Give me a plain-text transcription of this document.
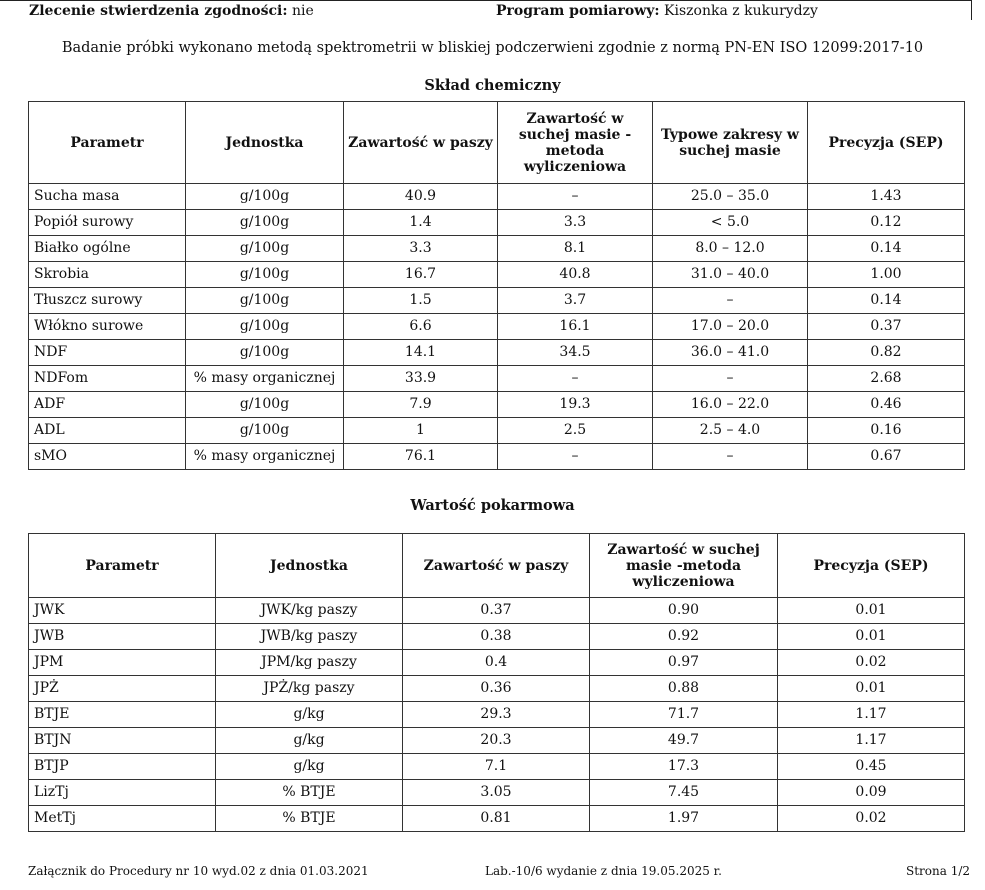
Zlecenie stwierdzenia zgodności: nie	Program pomiarowy: Kiszonka z kukurydzy
Badanie próbki wykonano metodą spektrometrii w bliskiej podczerwieni zgodnie z normą PN-EN ISO 12099:2017-10
Skład chemiczny
Parametr	Jednostka	Zawartość w paszy	Zawartość w suchej masie -metoda wyliczeniowa	Typowe zakresy w suchej masie	Precyzja (SEP)
Sucha masa	g/100g	40.9	–	25.0 – 35.0	1.43
Popiół surowy	g/100g	1.4	3.3	< 5.0	0.12
Białko ogólne	g/100g	3.3	8.1	8.0 – 12.0	0.14
Skrobia	g/100g	16.7	40.8	31.0 – 40.0	1.00
Tłuszcz surowy	g/100g	1.5	3.7	–	0.14
Włókno surowe	g/100g	6.6	16.1	17.0 – 20.0	0.37
NDF	g/100g	14.1	34.5	36.0 – 41.0	0.82
NDFom	% masy organicznej	33.9	–	–	2.68
ADF	g/100g	7.9	19.3	16.0 – 22.0	0.46
ADL	g/100g	1	2.5	2.5 – 4.0	0.16
sMO	% masy organicznej	76.1	–	–	0.67
Wartość pokarmowa
Parametr	Jednostka	Zawartość w paszy	Zawartość w suchej masie -metoda wyliczeniowa	Precyzja (SEP)
JWK	JWK/kg paszy	0.37	0.90	0.01
JWB	JWB/kg paszy	0.38	0.92	0.01
JPM	JPM/kg paszy	0.4	0.97	0.02
JPŻ	JPŻ/kg paszy	0.36	0.88	0.01
BTJE	g/kg	29.3	71.7	1.17
BTJN	g/kg	20.3	49.7	1.17
BTJP	g/kg	7.1	17.3	0.45
LizTj	% BTJE	3.05	7.45	0.09
MetTj	% BTJE	0.81	1.97	0.02
Załącznik do Procedury nr 10 wyd.02 z dnia 01.03.2021	Lab.-10/6 wydanie z dnia 19.05.2025 r.	Strona 1/2
